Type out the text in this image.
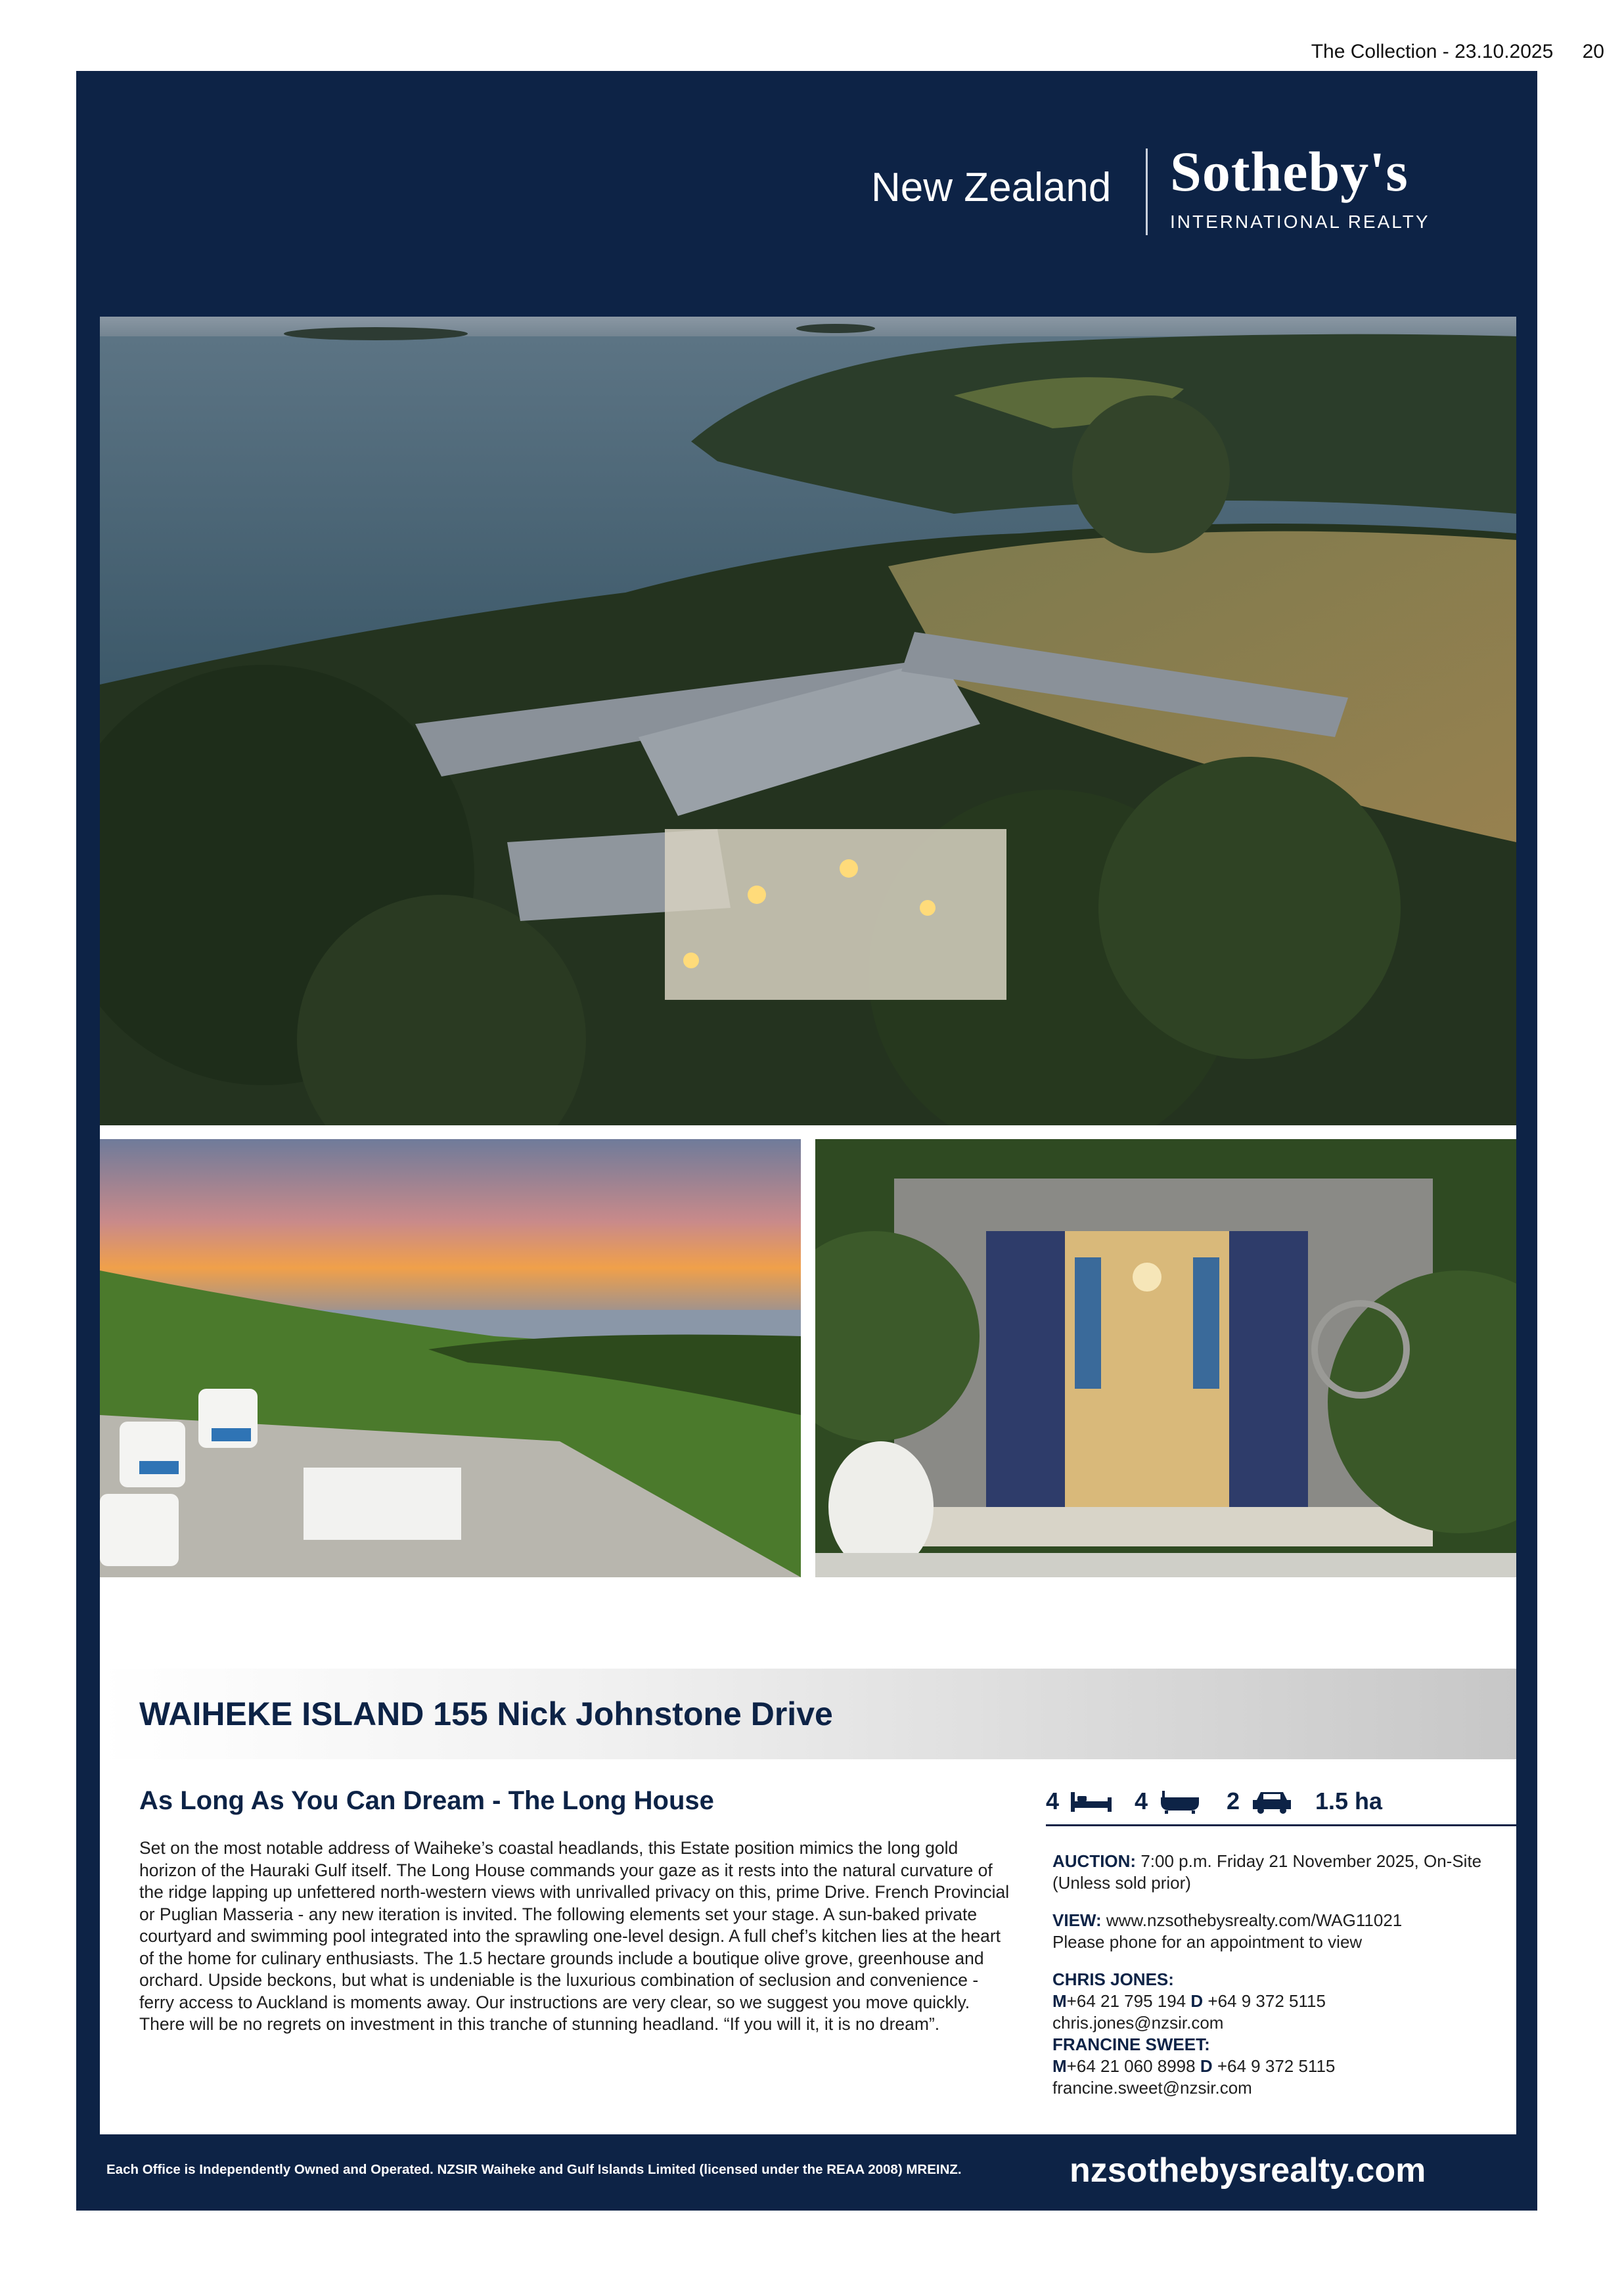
The Collection - 23.10.2025 20
New Zealand Sotheby's
INTERNATIONAL REALTY
WAIHEKE ISLAND 155 Nick Johnstone Drive
As Long As You Can Dream - The Long House

Set on the most notable address of Waiheke’s coastal headlands, this Estate position mimics the long gold horizon of the Hauraki Gulf itself. The Long House commands your gaze as it rests into the natural curvature of the ridge lapping up unfettered north-western views with unrivalled privacy on this, prime Drive. French Provincial or Puglian Masseria - any new iteration is invited. The following elements set your stage. A sun-baked private courtyard and swimming pool integrated into the sprawling one-level design. A full chef’s kitchen lies at the heart of the home for culinary enthusiasts. The 1.5 hectare grounds include a boutique olive grove, greenhouse and orchard. Upside beckons, but what is undeniable is the luxurious combination of seclusion and convenience - ferry access to Auckland is moments away. Our instructions are very clear, so we suggest you move quickly. There will be no regrets on investment in this tranche of stunning headland. “If you will it, it is no dream”.

4	4	2	1.5 ha

AUCTION: 7:00 p.m. Friday 21 November 2025, On-Site
(Unless sold prior)

VIEW: www.nzsothebysrealty.com/WAG11021
Please phone for an appointment to view

CHRIS JONES:
M+64 21 795 194 D +64 9 372 5115
chris.jones@nzsir.com
FRANCINE SWEET:
M+64 21 060 8998 D +64 9 372 5115
francine.sweet@nzsir.com

Each Office is Independently Owned and Operated. NZSIR Waiheke and Gulf Islands Limited (licensed under the REAA 2008) MREINZ.	nzsothebysrealty.com
